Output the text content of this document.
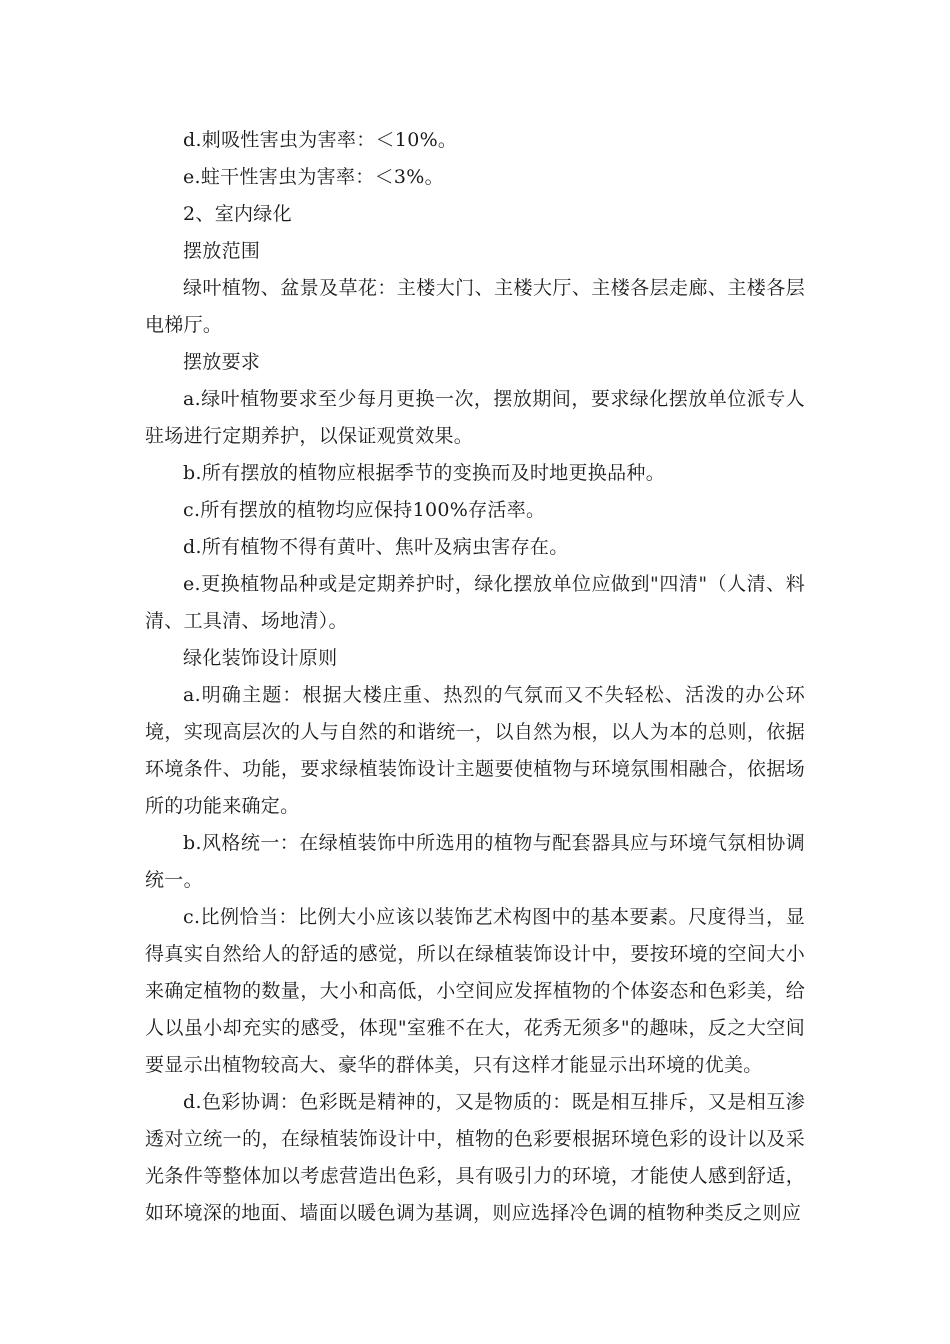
d.刺吸性害虫为害率：＜10%。

e.蛀干性害虫为害率：＜3%。

2、室内绿化

摆放范围

绿叶植物、盆景及草花：主楼大门、主楼大厅、主楼各层走廊、主楼各层电梯厅。

摆放要求

a.绿叶植物要求至少每月更换一次，摆放期间，要求绿化摆放单位派专人驻场进行定期养护，以保证观赏效果。

b.所有摆放的植物应根据季节的变换而及时地更换品种。

c.所有摆放的植物均应保持100%存活率。

d.所有植物不得有黄叶、焦叶及病虫害存在。

e.更换植物品种或是定期养护时，绿化摆放单位应做到"四清"（人清、料清、工具清、场地清）。

绿化装饰设计原则

a.明确主题：根据大楼庄重、热烈的气氛而又不失轻松、活泼的办公环境，实现高层次的人与自然的和谐统一，以自然为根，以人为本的总则，依据环境条件、功能，要求绿植装饰设计主题要使植物与环境氛围相融合，依据场所的功能来确定。

b.风格统一：在绿植装饰中所选用的植物与配套器具应与环境气氛相协调统一。

c.比例恰当：比例大小应该以装饰艺术构图中的基本要素。尺度得当，显得真实自然给人的舒适的感觉，所以在绿植装饰设计中，要按环境的空间大小来确定植物的数量，大小和高低，小空间应发挥植物的个体姿态和色彩美，给人以虽小却充实的感受，体现"室雅不在大，花秀无须多"的趣味，反之大空间要显示出植物较高大、豪华的群体美，只有这样才能显示出环境的优美。

d.色彩协调：色彩既是精神的，又是物质的：既是相互排斥，又是相互渗透对立统一的，在绿植装饰设计中，植物的色彩要根据环境色彩的设计以及采光条件等整体加以考虑营造出色彩，具有吸引力的环境，才能使人感到舒适，如环境深的地面、墙面以暖色调为基调，则应选择冷色调的植物种类反之则应
